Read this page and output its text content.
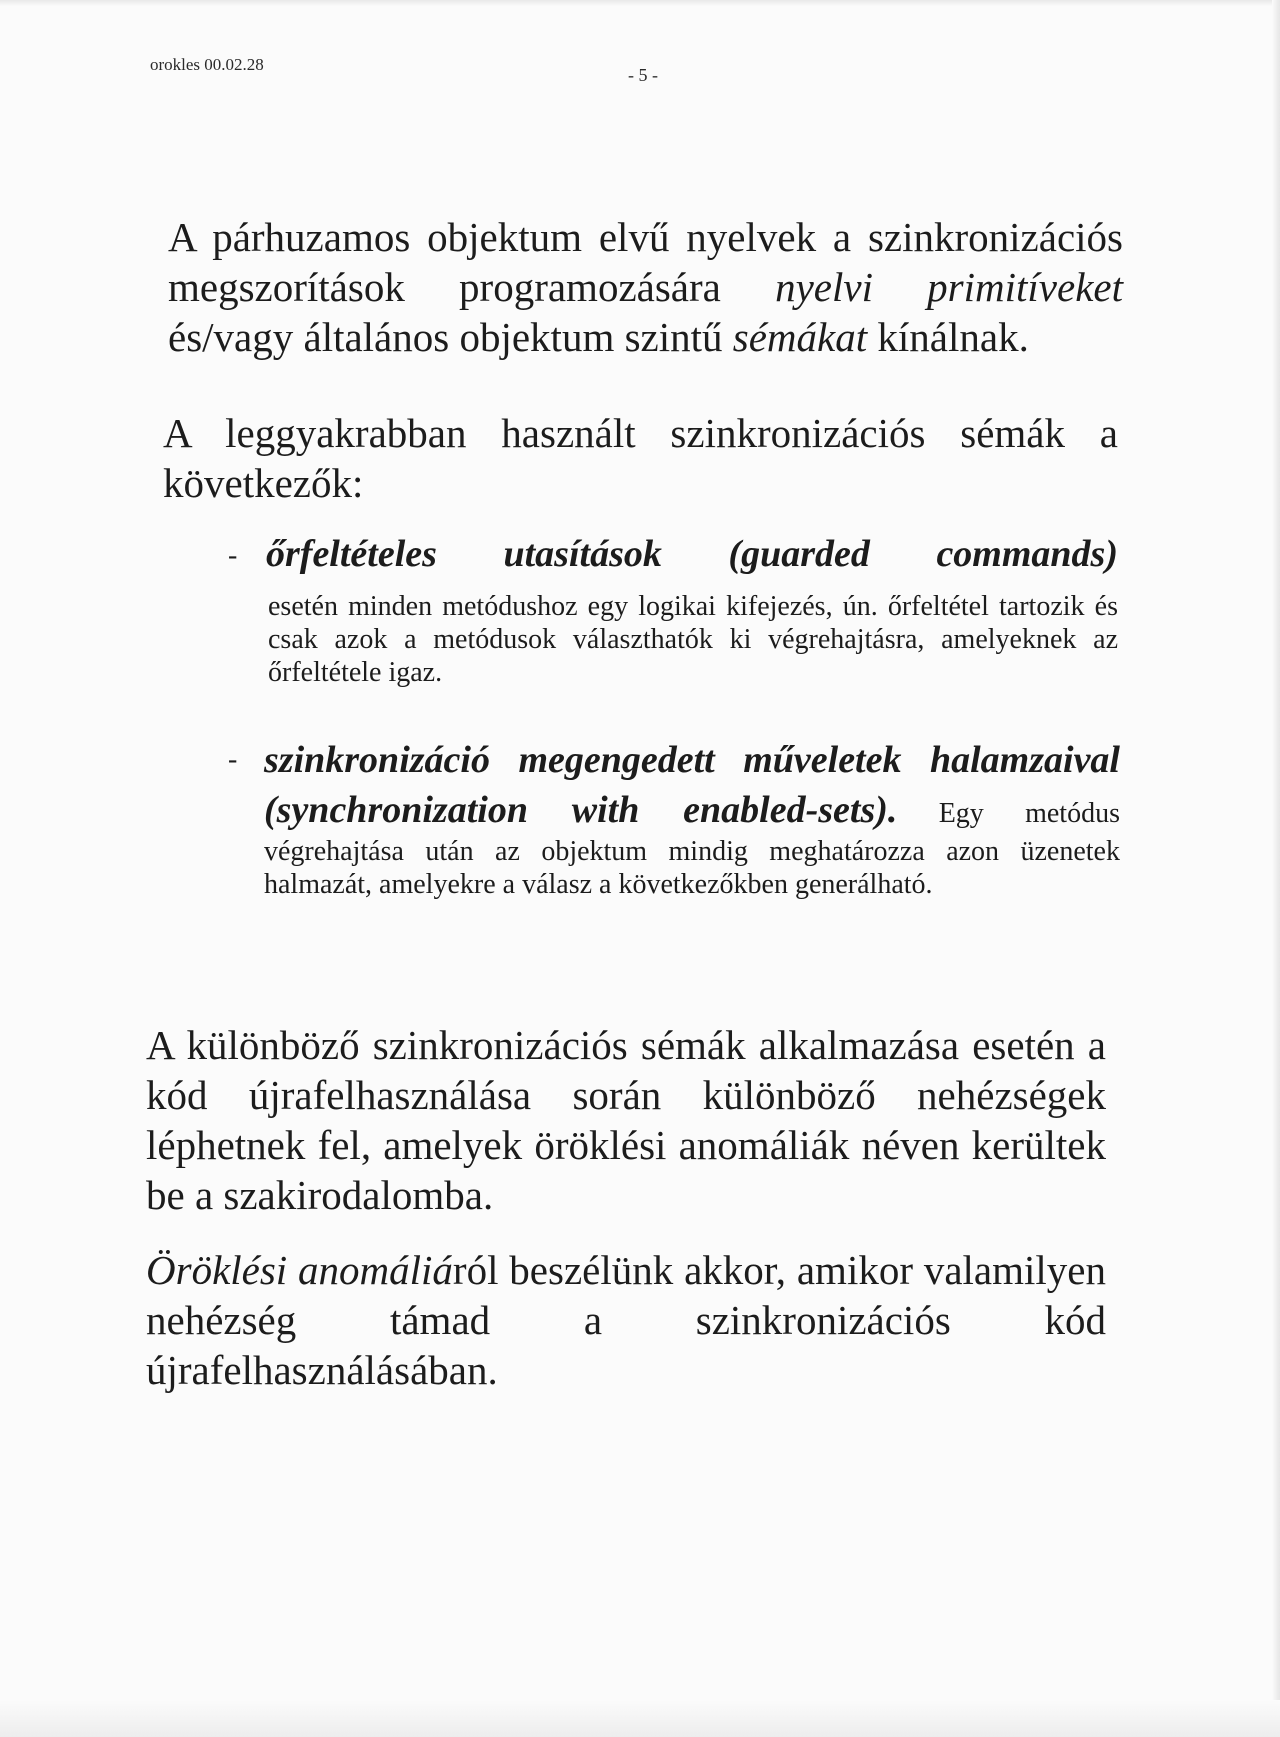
orokles 00.02.28
- 5 -

A párhuzamos objektum elvű nyelvek a szinkronizációs megszorítások programozására nyelvi primitíveket és/vagy általános objektum szintű sémákat kínálnak.

A leggyakrabban használt szinkronizációs sémák a következők:

- őrfeltételes utasítások (guarded commands)

esetén minden metódushoz egy logikai kifejezés, ún. őrfeltétel tartozik és csak azok a metódusok választhatók ki végrehajtásra, amelyeknek az őrfeltétele igaz.

- szinkronizáció megengedett műveletek halamzaival (synchronization with enabled-sets). Egy metódus végrehajtása után az objektum mindig meghatározza azon üzenetek halmazát, amelyekre a válasz a következőkben generálható.

A különböző szinkronizációs sémák alkalmazása esetén a kód újrafelhasználása során különböző nehézségek léphetnek fel, amelyek öröklési anomáliák néven kerültek be a szakirodalomba.

Öröklési anomáliáról beszélünk akkor, amikor valamilyen nehézség támad a szinkronizációs kód újrafelhasználásában.
